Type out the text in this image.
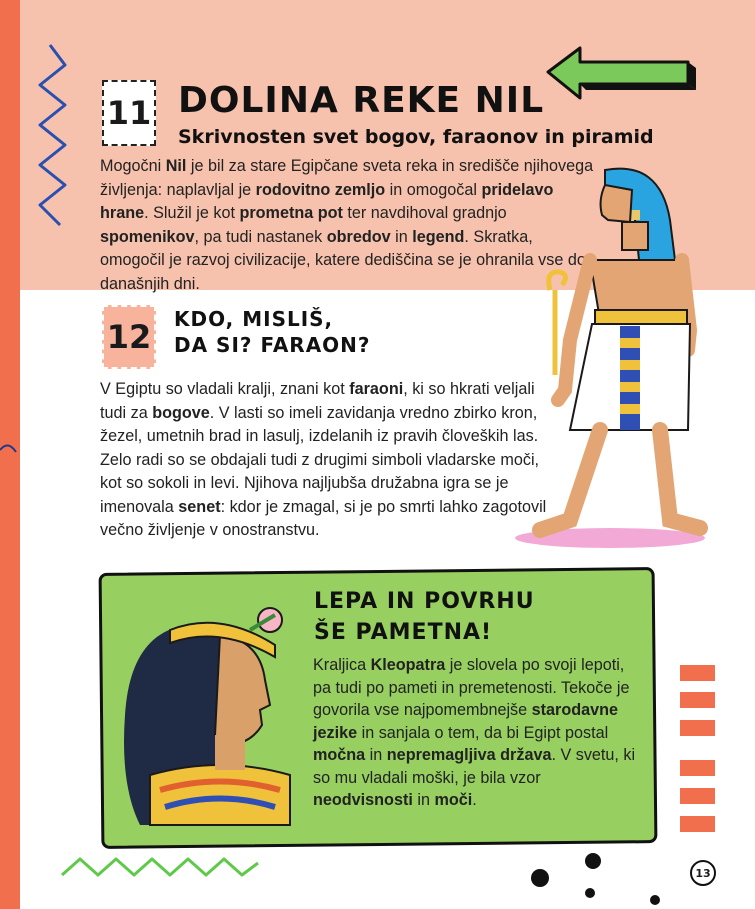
11 DOLINA REKE NIL
Skrivnosten svet bogov, faraonov in piramid
Mogočni Nil je bil za stare Egipčane sveta reka in središče njihovega življenja: naplavljal je rodovitno zemljo in omogočal pridelavo hrane. Služil je kot prometna pot ter navdihoval gradnjo spomenikov, pa tudi nastanek obredov in legend. Skratka, omogočil je razvoj civilizacije, katere dediščina se je ohranila vse do današnjih dni.
12 KDO, MISLIŠ,
DA SI? FARAON?
V Egiptu so vladali kralji, znani kot faraoni, ki so hkrati veljali tudi za bogove. V lasti so imeli zavidanja vredno zbirko kron, žezel, umetnih brad in lasulj, izdelanih iz pravih človeških las. Zelo radi so se obdajali tudi z drugimi simboli vladarske moči, kot so sokoli in levi. Njihova najljubša družabna igra se je imenovala senet: kdor je zmagal, si je po smrti lahko zagotovil večno življenje v onostranstvu.
LEPA IN POVRHU
ŠE PAMETNA!
Kraljica Kleopatra je slovela po svoji lepoti, pa tudi po pameti in premetenosti. Tekoče je govorila vse najpomembnejše starodavne jezike in sanjala o tem, da bi Egipt postal močna in nepremagljiva država. V svetu, ki so mu vladali moški, je bila vzor neodvisnosti in moči.
13
